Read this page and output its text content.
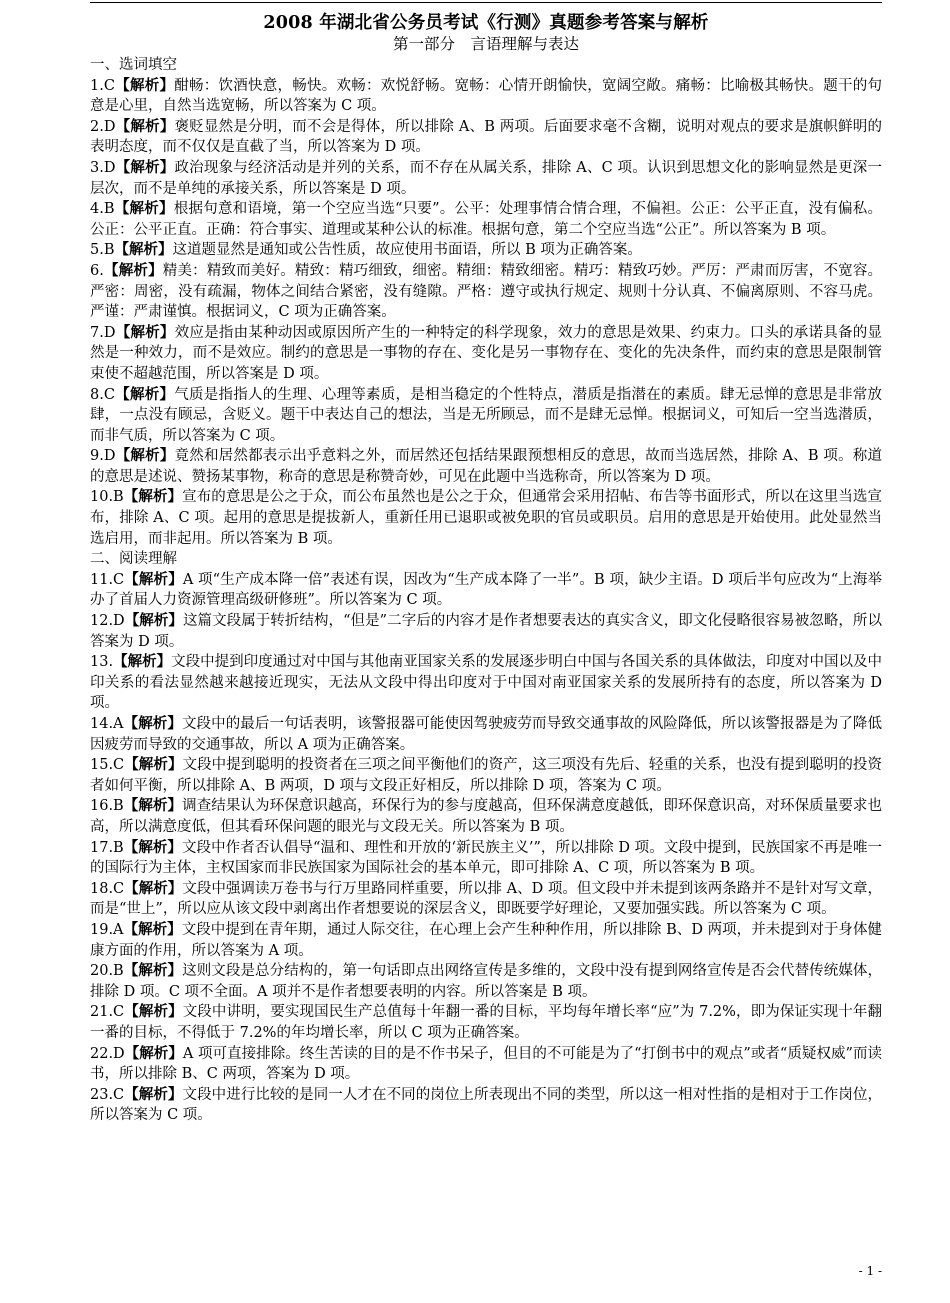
2008 年湖北省公务员考试《行测》真题参考答案与解析

第一部分　言语理解与表达

一、选词填空

1.C【解析】酣畅：饮酒快意，畅快。欢畅：欢悦舒畅。宽畅：心情开朗愉快，宽阔空敞。痛畅：比喻极其畅快。题干的句意是心里，自然当选宽畅，所以答案为 C 项。

2.D【解析】褒贬显然是分明，而不会是得体，所以排除 A、B 两项。后面要求毫不含糊，说明对观点的要求是旗帜鲜明的表明态度，而不仅仅是直截了当，所以答案为 D 项。

3.D【解析】政治现象与经济活动是并列的关系，而不存在从属关系，排除 A、C 项。认识到思想文化的影响显然是更深一层次，而不是单纯的承接关系，所以答案是 D 项。

4.B【解析】根据句意和语境，第一个空应当选“只要”。公平：处理事情合情合理，不偏袒。公正：公平正直，没有偏私。公正：公平正直。正确：符合事实、道理或某种公认的标准。根据句意，第二个空应当选“公正”。所以答案为 B 项。

5.B【解析】这道题显然是通知或公告性质，故应使用书面语，所以 B 项为正确答案。

6.【解析】精美：精致而美好。精致：精巧细致，细密。精细：精致细密。精巧：精致巧妙。严厉：严肃而厉害，不宽容。严密：周密，没有疏漏，物体之间结合紧密，没有缝隙。严格：遵守或执行规定、规则十分认真、不偏离原则、不容马虎。严谨：严肃谨慎。根据词义，C 项为正确答案。

7.D【解析】效应是指由某种动因或原因所产生的一种特定的科学现象，效力的意思是效果、约束力。口头的承诺具备的显然是一种效力，而不是效应。制约的意思是一事物的存在、变化是另一事物存在、变化的先决条件，而约束的意思是限制管束使不超越范围，所以答案是 D 项。

8.C【解析】气质是指指人的生理、心理等素质，是相当稳定的个性特点，潜质是指潜在的素质。肆无忌惮的意思是非常放肆，一点没有顾忌，含贬义。题干中表达自己的想法，当是无所顾忌，而不是肆无忌惮。根据词义，可知后一空当选潜质，而非气质，所以答案为 C 项。

9.D【解析】竟然和居然都表示出乎意料之外，而居然还包括结果跟预想相反的意思，故而当选居然，排除 A、B 项。称道的意思是述说、赞扬某事物，称奇的意思是称赞奇妙，可见在此题中当选称奇，所以答案为 D 项。

10.B【解析】宣布的意思是公之于众，而公布虽然也是公之于众，但通常会采用招帖、布告等书面形式，所以在这里当选宣布，排除 A、C 项。起用的意思是提拔新人，重新任用已退职或被免职的官员或职员。启用的意思是开始使用。此处显然当选启用，而非起用。所以答案为 B 项。

二、阅读理解

11.C【解析】A 项“生产成本降一倍”表述有误，因改为“生产成本降了一半”。B 项，缺少主语。D 项后半句应改为“上海举办了首届人力资源管理高级研修班”。所以答案为 C 项。

12.D【解析】这篇文段属于转折结构，“但是”二字后的内容才是作者想要表达的真实含义，即文化侵略很容易被忽略，所以答案为 D 项。

13.【解析】文段中提到印度通过对中国与其他南亚国家关系的发展逐步明白中国与各国关系的具体做法，印度对中国以及中印关系的看法显然越来越接近现实，无法从文段中得出印度对于中国对南亚国家关系的发展所持有的态度，所以答案为 D 项。

14.A【解析】文段中的最后一句话表明，该警报器可能使因驾驶疲劳而导致交通事故的风险降低，所以该警报器是为了降低因疲劳而导致的交通事故，所以 A 项为正确答案。

15.C【解析】文段中提到聪明的投资者在三项之间平衡他们的资产，这三项没有先后、轻重的关系，也没有提到聪明的投资者如何平衡，所以排除 A、B 两项，D 项与文段正好相反，所以排除 D 项，答案为 C 项。

16.B【解析】调查结果认为环保意识越高，环保行为的参与度越高，但环保满意度越低，即环保意识高，对环保质量要求也高，所以满意度低，但其看环保问题的眼光与文段无关。所以答案为 B 项。

17.B【解析】文段中作者否认倡导“温和、理性和开放的‘新民族主义’”，所以排除 D 项。文段中提到，民族国家不再是唯一的国际行为主体，主权国家而非民族国家为国际社会的基本单元，即可排除 A、C 项，所以答案为 B 项。

18.C【解析】文段中强调读万卷书与行万里路同样重要，所以排 A、D 项。但文段中并未提到该两条路并不是针对写文章，而是“世上”，所以应从该文段中剥离出作者想要说的深层含义，即既要学好理论，又要加强实践。所以答案为 C 项。

19.A【解析】文段中提到在青年期，通过人际交往，在心理上会产生种种作用，所以排除 B、D 两项，并未提到对于身体健康方面的作用，所以答案为 A 项。

20.B【解析】这则文段是总分结构的，第一句话即点出网络宣传是多维的，文段中没有提到网络宣传是否会代替传统媒体，排除 D 项。C 项不全面。A 项并不是作者想要表明的内容。所以答案是 B 项。

21.C【解析】文段中讲明，要实现国民生产总值每十年翻一番的目标，平均每年增长率“应”为 7.2%，即为保证实现十年翻一番的目标，不得低于 7.2%的年均增长率，所以 C 项为正确答案。

22.D【解析】A 项可直接排除。终生苦读的目的是不作书呆子，但目的不可能是为了“打倒书中的观点”或者“质疑权威”而读书，所以排除 B、C 两项，答案为 D 项。

23.C【解析】文段中进行比较的是同一人才在不同的岗位上所表现出不同的类型，所以这一相对性指的是相对于工作岗位，所以答案为 C 项。

- 1 -
